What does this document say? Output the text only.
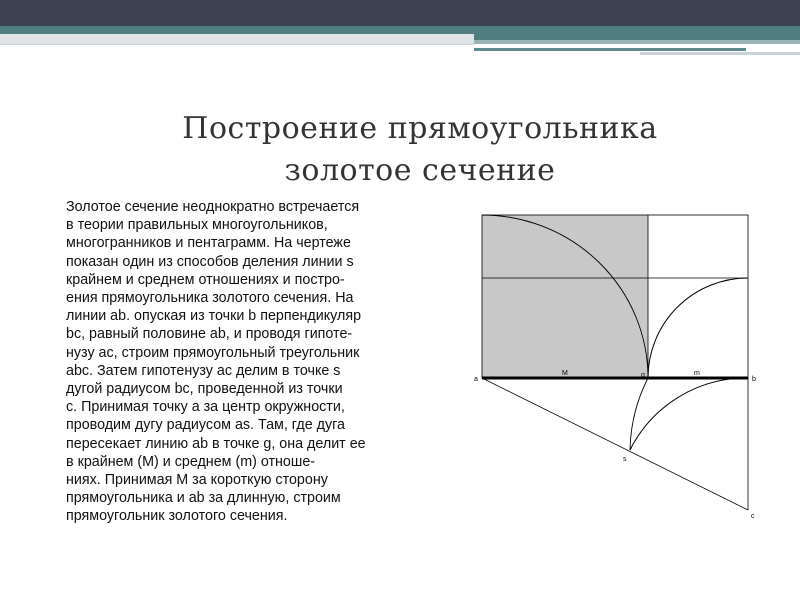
Построение прямоугольника
золотое сечение
Золотое сечение неоднократно встречается
в теории правильных многоугольников,
многогранников и пентаграмм. На чертеже
показан один из способов деления линии s
крайнем и среднем отношениях и постро-
ения прямоугольника золотого сечения. На
линии ab. опуская из точки b перпендикуляр
bc, равный половине ab, и проводя гипоте-
нузу ac, строим прямоугольный треугольник
abc. Затем гипотенузу ac делим в точке s
дугой радиусом bc, проведенной из точки
c. Принимая точку a за центр окружности,
проводим дугу радиусом as. Там, где дуга
пересекает линию ab в точке g, она делит ее
в крайнем (M) и среднем (m) отноше-
ниях. Принимая M за короткую сторону
прямоугольника и ab за длинную, строим
прямоугольник золотого сечения.
a	b
c
g
s
M	m
